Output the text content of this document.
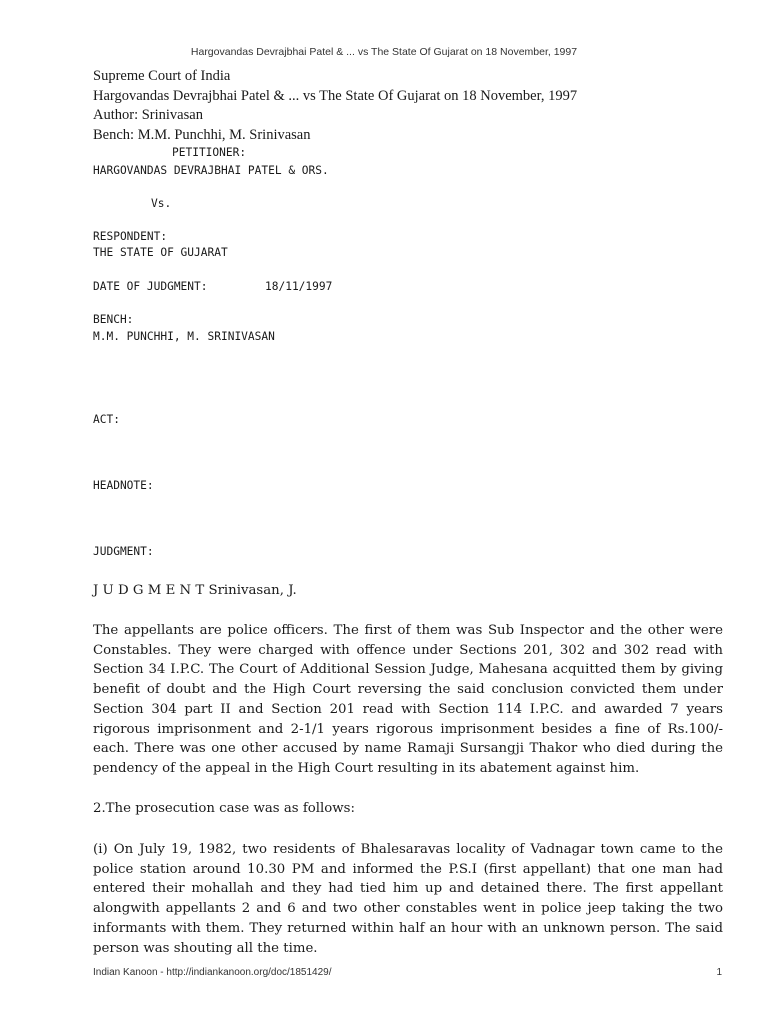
Hargovandas Devrajbhai Patel & ... vs The State Of Gujarat on 18 November, 1997
Supreme Court of India
Hargovandas Devrajbhai Patel & ... vs The State Of Gujarat on 18 November, 1997
Author: Srinivasan
Bench: M.M. Punchhi, M. Srinivasan
PETITIONER:
HARGOVANDAS DEVRAJBHAI PATEL & ORS.
Vs.
RESPONDENT:
THE STATE OF GUJARAT
DATE OF JUDGMENT:	18/11/1997
BENCH:
M.M. PUNCHHI, M. SRINIVASAN
ACT:
HEADNOTE:
JUDGMENT:
J U D G M E N T Srinivasan, J.
The appellants are police officers. The first of them was Sub Inspector and the other were Constables. They were charged with offence under Sections 201, 302 and 302 read with Section 34 I.P.C. The Court of Additional Session Judge, Mahesana acquitted them by giving benefit of doubt and the High Court reversing the said conclusion convicted them under Section 304 part II and Section 201 read with Section 114 I.P.C. and awarded 7 years rigorous imprisonment and 2-1/1 years rigorous imprisonment besides a fine of Rs.100/- each. There was one other accused by name Ramaji Sursangji Thakor who died during the pendency of the appeal in the High Court resulting in its abatement against him.
2.The prosecution case was as follows:
(i) On July 19, 1982, two residents of Bhalesaravas locality of Vadnagar town came to the police station around 10.30 PM and informed the P.S.I (first appellant) that one man had entered their mohallah and they had tied him up and detained there. The first appellant alongwith appellants 2 and 6 and two other constables went in police jeep taking the two informants with them. They returned within half an hour with an unknown person. The said person was shouting all the time.
Indian Kanoon - http://indiankanoon.org/doc/1851429/	1
